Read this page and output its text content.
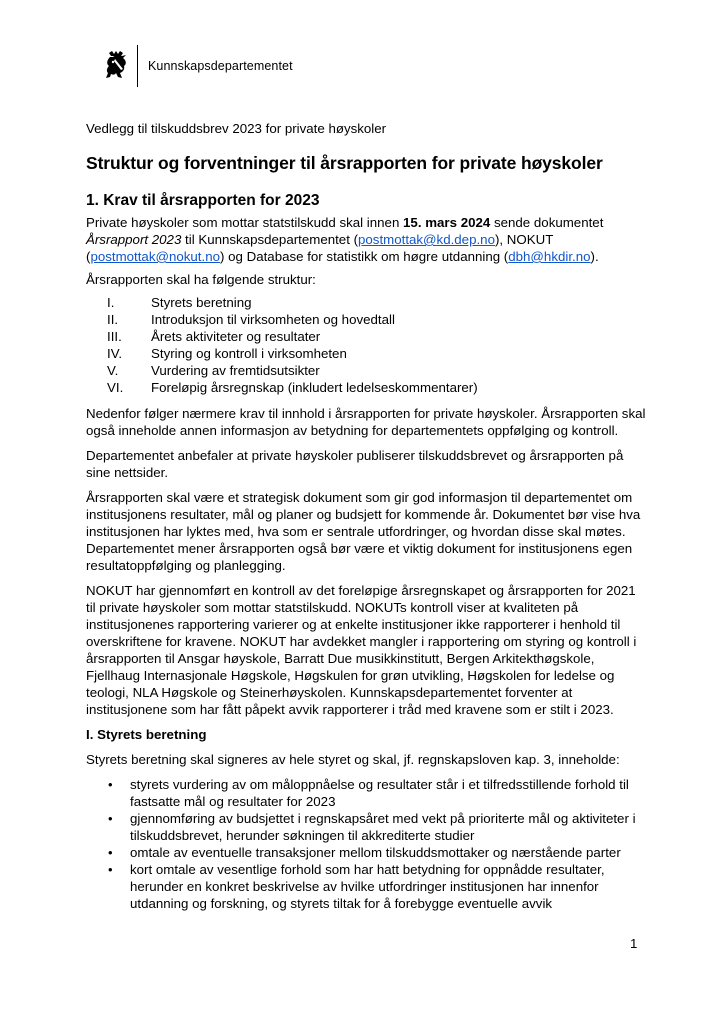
Kunnskapsdepartementet

Vedlegg til tilskuddsbrev 2023 for private høyskoler

Struktur og forventninger til årsrapporten for private høyskoler
1. Krav til årsrapporten for 2023

Private høyskoler som mottar statstilskudd skal innen 15. mars 2024 sende dokumentet Årsrapport 2023 til Kunnskapsdepartementet (postmottak@kd.dep.no), NOKUT (postmottak@nokut.no) og Database for statistikk om høgre utdanning (dbh@hkdir.no).

Årsrapporten skal ha følgende struktur:

I.	Styrets beretning
II.	Introduksjon til virksomheten og hovedtall
III.	Årets aktiviteter og resultater
IV.	Styring og kontroll i virksomheten
V.	Vurdering av fremtidsutsikter
VI.	Foreløpig årsregnskap (inkludert ledelseskommentarer)

Nedenfor følger nærmere krav til innhold i årsrapporten for private høyskoler. Årsrapporten skal også inneholde annen informasjon av betydning for departementets oppfølging og kontroll.

Departementet anbefaler at private høyskoler publiserer tilskuddsbrevet og årsrapporten på sine nettsider.

Årsrapporten skal være et strategisk dokument som gir god informasjon til departementet om institusjonens resultater, mål og planer og budsjett for kommende år. Dokumentet bør vise hva institusjonen har lyktes med, hva som er sentrale utfordringer, og hvordan disse skal møtes. Departementet mener årsrapporten også bør være et viktig dokument for institusjonens egen resultatoppfølging og planlegging.

NOKUT har gjennomført en kontroll av det foreløpige årsregnskapet og årsrapporten for 2021 til private høyskoler som mottar statstilskudd. NOKUTs kontroll viser at kvaliteten på institusjonenes rapportering varierer og at enkelte institusjoner ikke rapporterer i henhold til overskriftene for kravene. NOKUT har avdekket mangler i rapportering om styring og kontroll i årsrapporten til Ansgar høyskole, Barratt Due musikkinstitutt, Bergen Arkitekthøgskole, Fjellhaug Internasjonale Høgskole, Høgskulen for grøn utvikling, Høgskolen for ledelse og teologi, NLA Høgskole og Steinerhøyskolen. Kunnskapsdepartementet forventer at institusjonene som har fått påpekt avvik rapporterer i tråd med kravene som er stilt i 2023.

I. Styrets beretning

Styrets beretning skal signeres av hele styret og skal, jf. regnskapsloven kap. 3, inneholde:

•	styrets vurdering av om måloppnåelse og resultater står i et tilfredsstillende forhold til fastsatte mål og resultater for 2023
•	gjennomføring av budsjettet i regnskapsåret med vekt på prioriterte mål og aktiviteter i tilskuddsbrevet, herunder søkningen til akkrediterte studier
•	omtale av eventuelle transaksjoner mellom tilskuddsmottaker og nærstående parter
•	kort omtale av vesentlige forhold som har hatt betydning for oppnådde resultater, herunder en konkret beskrivelse av hvilke utfordringer institusjonen har innenfor utdanning og forskning, og styrets tiltak for å forebygge eventuelle avvik
1
